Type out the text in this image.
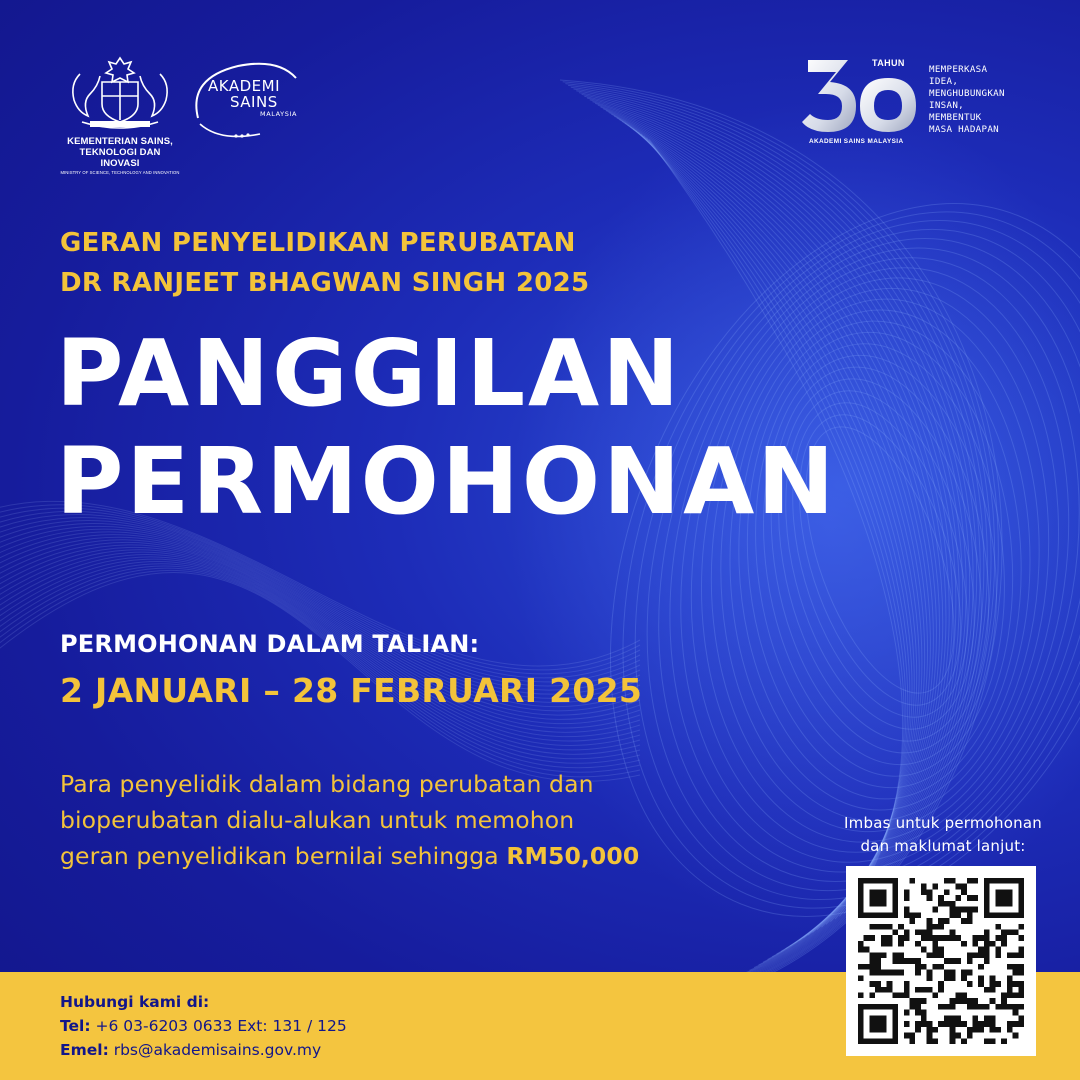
KEMENTERIAN SAINS,
TEKNOLOGI DAN INOVASI
MINISTRY OF SCIENCE, TECHNOLOGY AND INNOVATION
AKADEMI
SAINS
MALAYSIA
TAHUN
AKADEMI SAINS MALAYSIA
MEMPERKASA
IDEA,
MENGHUBUNGKAN
INSAN,
MEMBENTUK
MASA HADAPAN
GERAN PENYELIDIKAN PERUBATAN
DR RANJEET BHAGWAN SINGH 2025
PANGGILAN
PERMOHONAN
PERMOHONAN DALAM TALIAN:
2 JANUARI – 28 FEBRUARI 2025
Para penyelidik dalam bidang perubatan dan
bioperubatan dialu-alukan untuk memohon
geran penyelidikan bernilai sehingga RM50,000
Imbas untuk permohonan
dan maklumat lanjut:
Hubungi kami di:
Tel: +6 03-6203 0633 Ext: 131 / 125
Emel: rbs@akademisains.gov.my
